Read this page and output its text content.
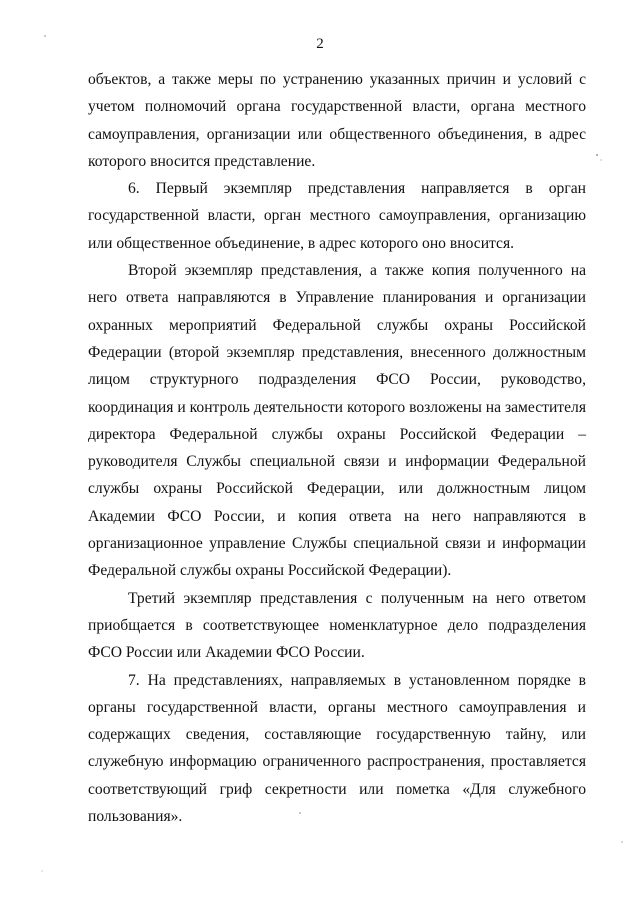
2

объектов, а также меры по устранению указанных причин и условий с учетом полномочий органа государственной власти, органа местного самоуправления, организации или общественного объединения, в адрес которого вносится представление.

6. Первый экземпляр представления направляется в орган государственной власти, орган местного самоуправления, организацию или общественное объединение, в адрес которого оно вносится.

Второй экземпляр представления, а также копия полученного на него ответа направляются в Управление планирования и организации охранных мероприятий Федеральной службы охраны Российской Федерации (второй экземпляр представления, внесенного должностным лицом структурного подразделения ФСО России, руководство, координация и контроль деятельности которого возложены на заместителя директора Федеральной службы охраны Российской Федерации – руководителя Службы специальной связи и информации Федеральной службы охраны Российской Федерации, или должностным лицом Академии ФСО России, и копия ответа на него направляются в организационное управление Службы специальной связи и информации Федеральной службы охраны Российской Федерации).

Третий экземпляр представления с полученным на него ответом приобщается в соответствующее номенклатурное дело подразделения ФСО России или Академии ФСО России.

7. На представлениях, направляемых в установленном порядке в органы государственной власти, органы местного самоуправления и содержащих сведения, составляющие государственную тайну, или служебную информацию ограниченного распространения, проставляется соответствующий гриф секретности или пометка «Для служебного пользования».
